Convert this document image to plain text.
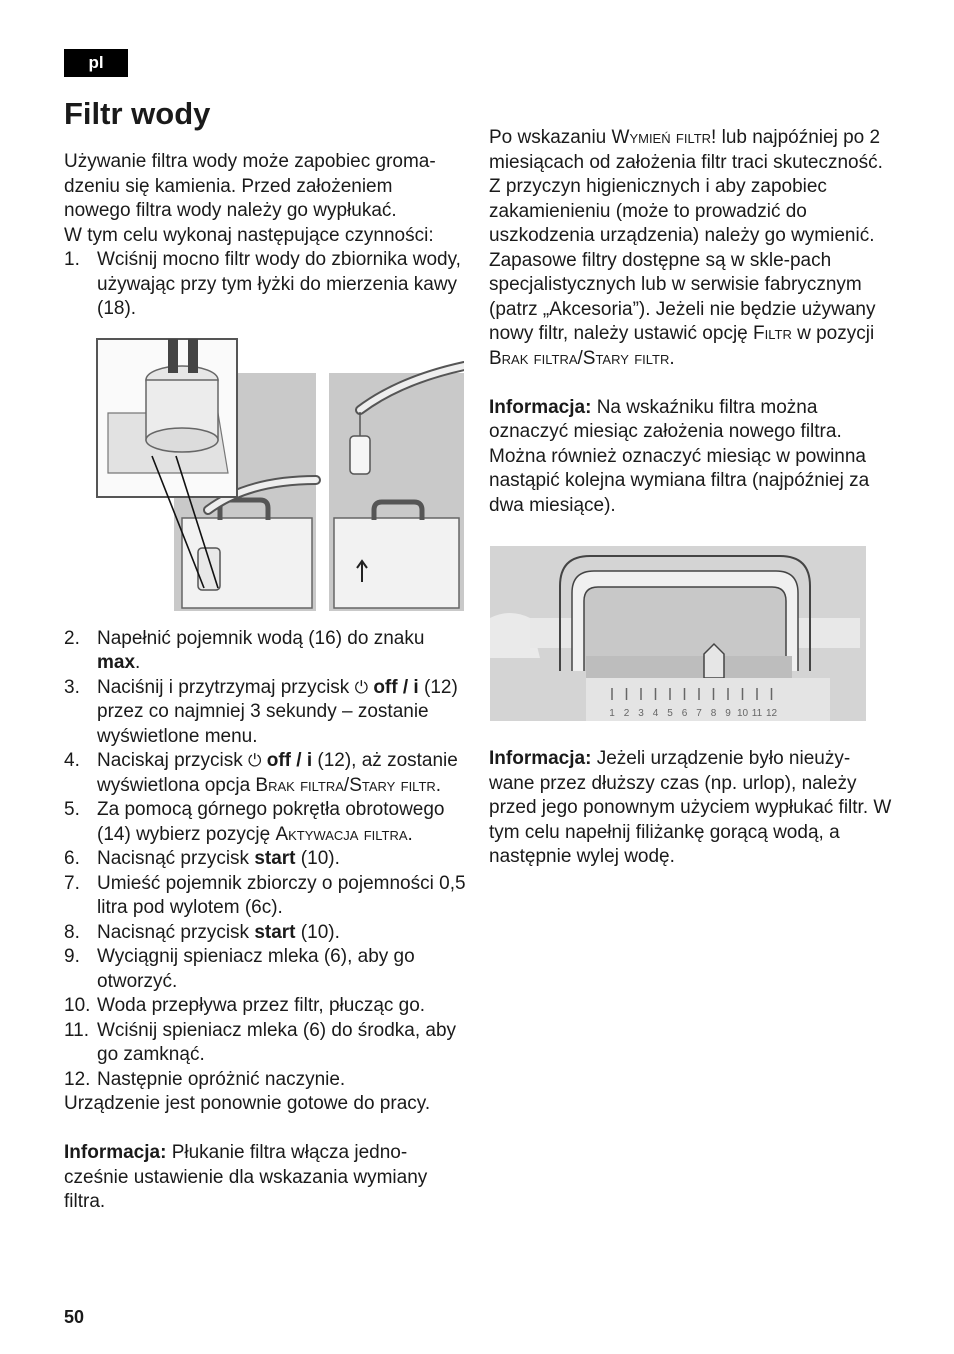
pl
Filtr wody

Używanie filtra wody może zapobiec groma-

dzeniu się kamienia. Przed założeniem

nowego filtra wody należy go wypłukać.

W tym celu wykonaj następujące czynności:

1. Wciśnij mocno filtr wody do zbiornika wody, używając przy tym łyżki do mierzenia kawy (18).
2. Napełnić pojemnik wodą (16) do znaku max.
3. Naciśnij i przytrzymaj przycisk ⏻ off / i (12) przez co najmniej 3 sekundy – zostanie wyświetlone menu.
4. Naciskaj przycisk ⏻ off / i (12), aż zostanie wyświetlona opcja Brak filtra/Stary filtr.
5. Za pomocą górnego pokrętła obrotowego (14) wybierz pozycję Aktywacja filtra.
6. Nacisnąć przycisk start (10).
7. Umieść pojemnik zbiorczy o pojemności 0,5 litra pod wylotem (6c).
8. Nacisnąć przycisk start (10).
9. Wyciągnij spieniacz mleka (6), aby go otworzyć.
10. Woda przepływa przez filtr, płucząc go.
11. Wciśnij spieniacz mleka (6) do środka, aby go zamknąć.
12. Następnie opróżnić naczynie.

Urządzenie jest ponownie gotowe do pracy.

Informacja: Płukanie filtra włącza jedno-cześnie ustawienie dla wskazania wymiany filtra.

Po wskazaniu Wymień filtr! lub najpóźniej po 2 miesiącach od założenia filtr traci skuteczność. Z przyczyn higienicznych i aby zapobiec zakamienieniu (może to prowadzić do uszkodzenia urządzenia) należy go wymienić.

Zapasowe filtry dostępne są w skle-pach specjalistycznych lub w serwisie fabrycznym (patrz „Akcesoria”). Jeżeli nie będzie używany nowy filtr, należy ustawić opcję Filtr w pozycji Brak filtra/Stary filtr.

Informacja: Na wskaźniku filtra można oznaczyć miesiąc założenia nowego filtra. Można również oznaczyć miesiąc w powinna nastąpić kolejna wymiana filtra (najpóźniej za dwa miesiące).

1 2 3 4 5 6 7 8 9 10 11 12

Informacja: Jeżeli urządzenie było nieuży-wane przez dłuższy czas (np. urlop), należy przed jego ponownym użyciem wypłukać filtr. W tym celu napełnij filiżankę gorącą wodą, a następnie wylej wodę.

50
